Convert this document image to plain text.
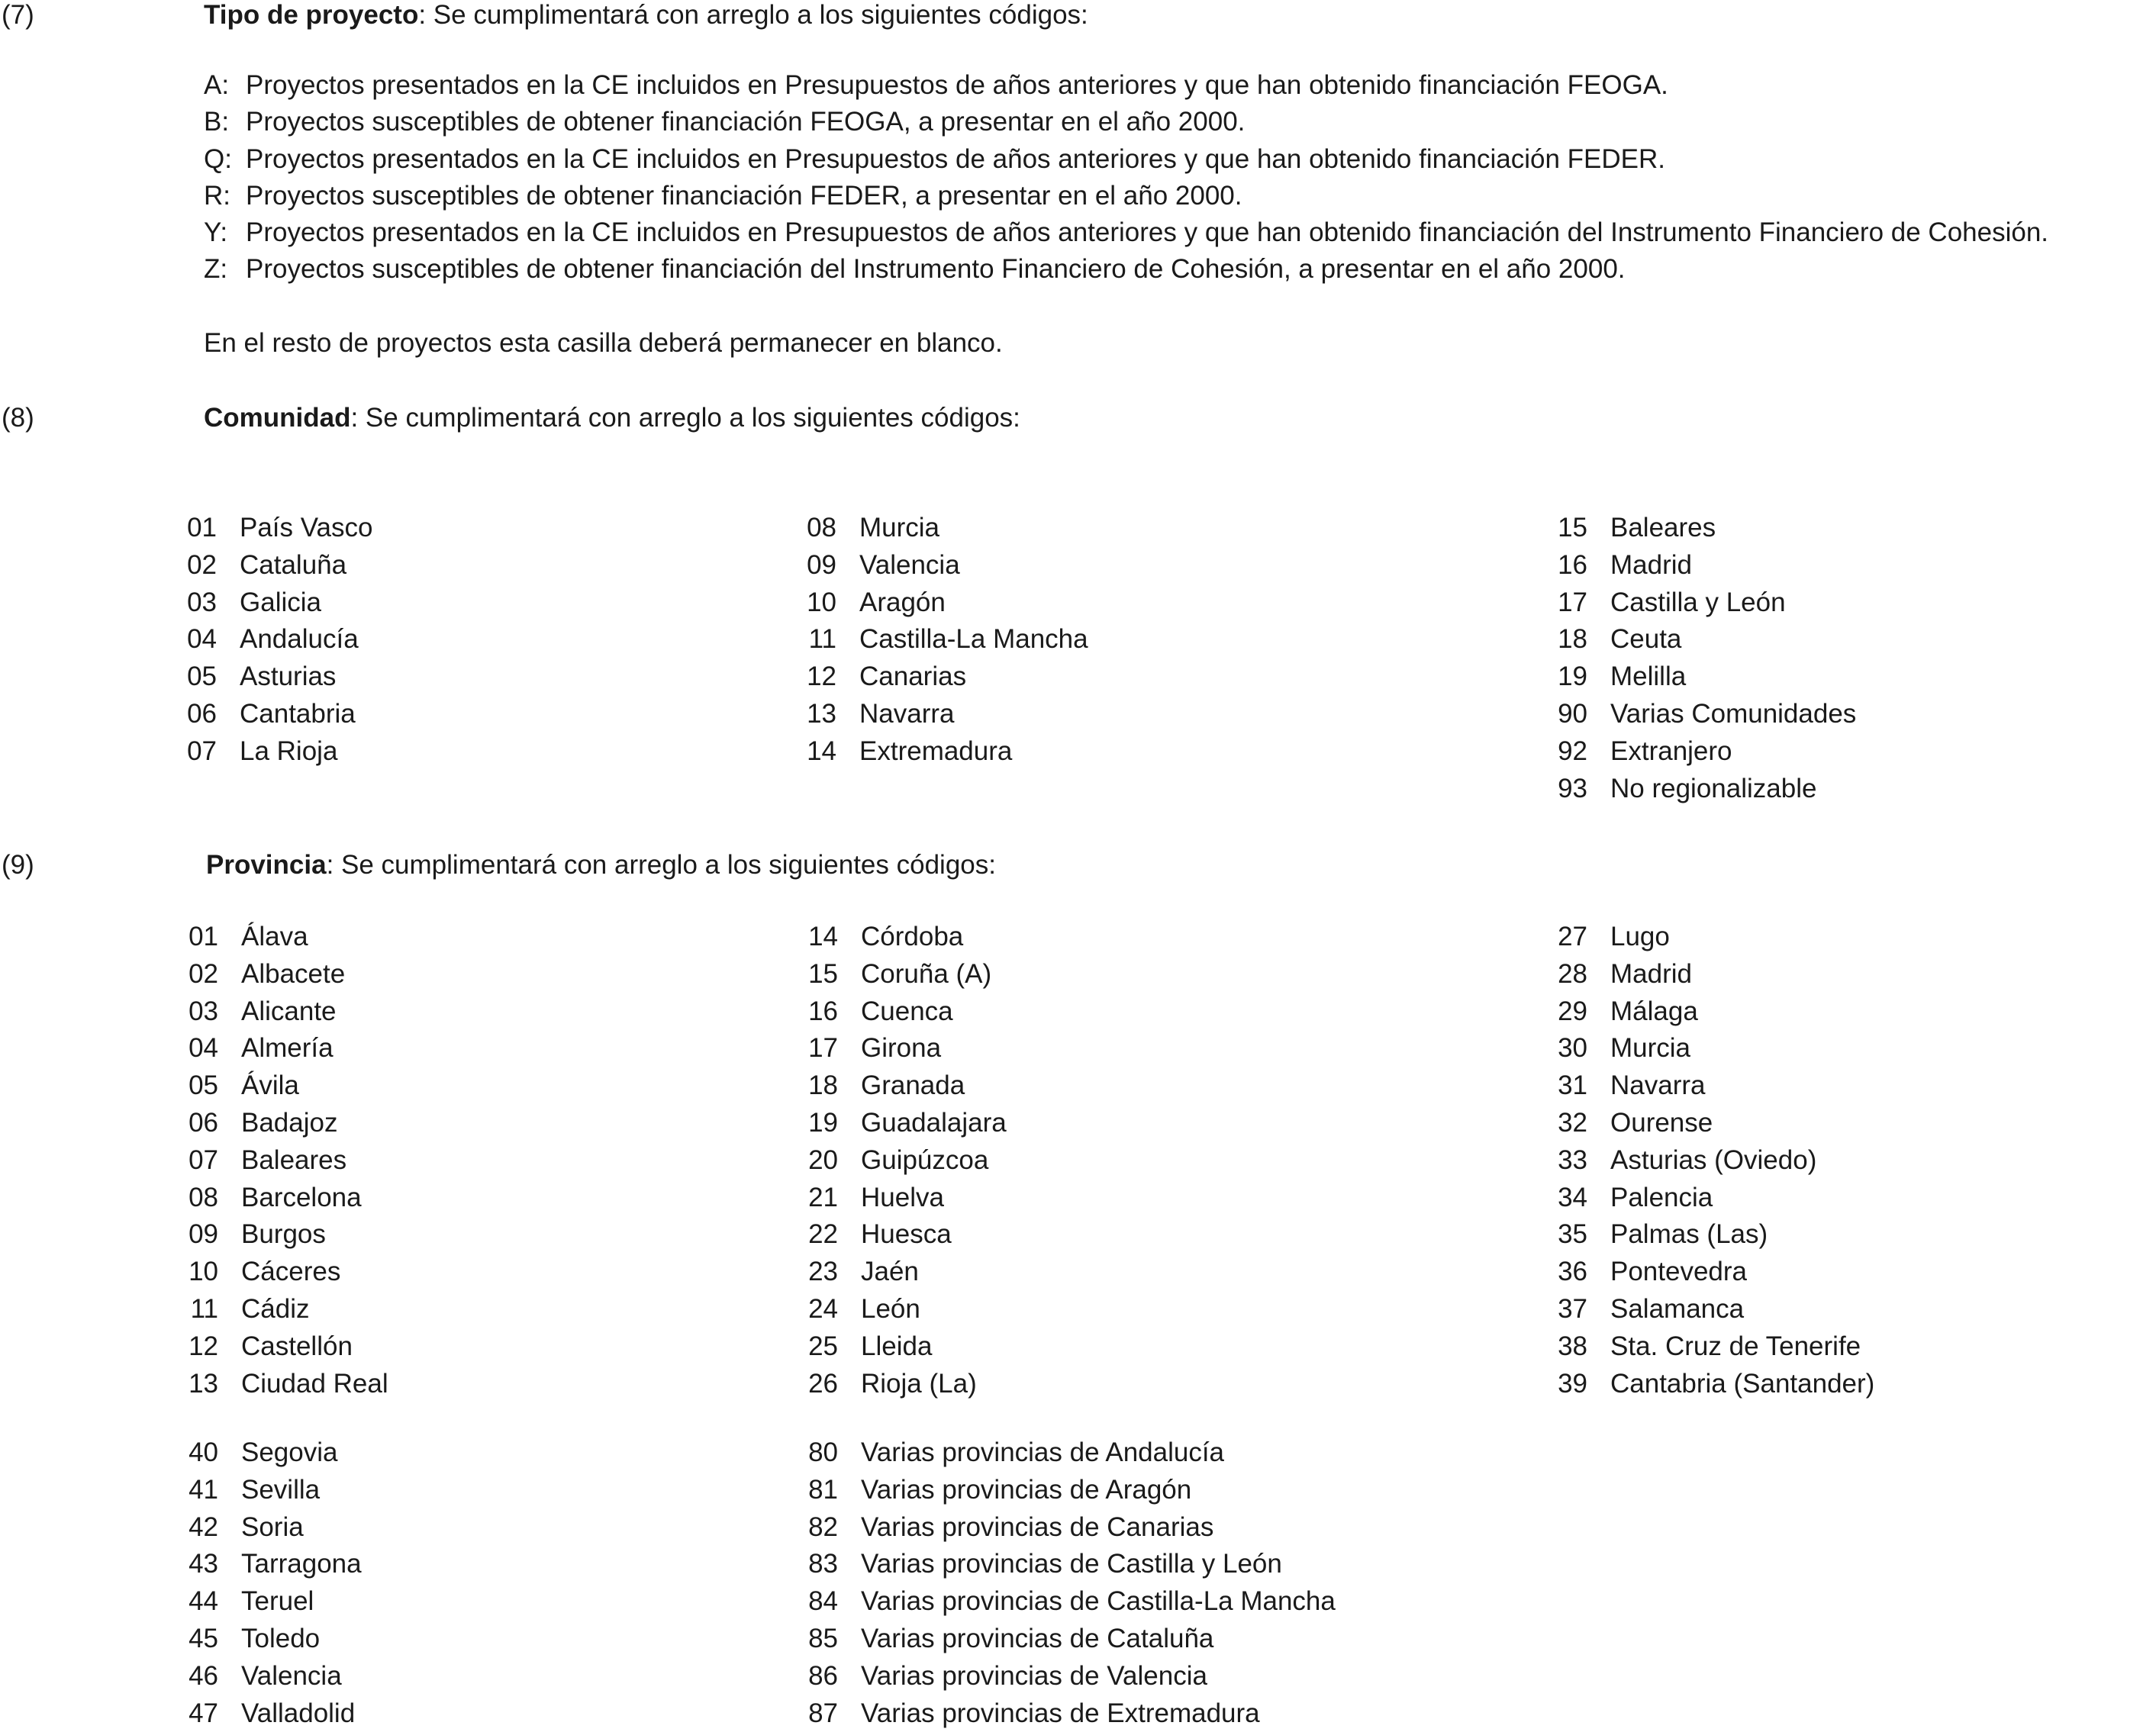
(7)	Tipo de proyecto: Se cumplimentará con arreglo a los siguientes códigos:
A: Proyectos presentados en la CE incluidos en Presupuestos de años anteriores y que han obtenido financiación FEOGA.
B: Proyectos susceptibles de obtener financiación FEOGA, a presentar en el año 2000.
Q: Proyectos presentados en la CE incluidos en Presupuestos de años anteriores y que han obtenido financiación FEDER.
R: Proyectos susceptibles de obtener financiación FEDER, a presentar en el año 2000.
Y: Proyectos presentados en la CE incluidos en Presupuestos de años anteriores y que han obtenido financiación del Instrumento Financiero de Cohesión.
Z: Proyectos susceptibles de obtener financiación del Instrumento Financiero de Cohesión, a presentar en el año 2000.
En el resto de proyectos esta casilla deberá permanecer en blanco.
(8)	Comunidad: Se cumplimentará con arreglo a los siguientes códigos:
01 País Vasco
02 Cataluña
03 Galicia
04 Andalucía
05 Asturias
06 Cantabria
07 La Rioja
08 Murcia
09 Valencia
10 Aragón
11 Castilla-La Mancha
12 Canarias
13 Navarra
14 Extremadura
15 Baleares
16 Madrid
17 Castilla y León
18 Ceuta
19 Melilla
90 Varias Comunidades
92 Extranjero
93 No regionalizable
(9)	Provincia: Se cumplimentará con arreglo a los siguientes códigos:
01 Álava
02 Albacete
03 Alicante
04 Almería
05 Ávila
06 Badajoz
07 Baleares
08 Barcelona
09 Burgos
10 Cáceres
11 Cádiz
12 Castellón
13 Ciudad Real
14 Córdoba
15 Coruña (A)
16 Cuenca
17 Girona
18 Granada
19 Guadalajara
20 Guipúzcoa
21 Huelva
22 Huesca
23 Jaén
24 León
25 Lleida
26 Rioja (La)
27 Lugo
28 Madrid
29 Málaga
30 Murcia
31 Navarra
32 Ourense
33 Asturias (Oviedo)
34 Palencia
35 Palmas (Las)
36 Pontevedra
37 Salamanca
38 Sta. Cruz de Tenerife
39 Cantabria (Santander)
40 Segovia
41 Sevilla
42 Soria
43 Tarragona
44 Teruel
45 Toledo
46 Valencia
47 Valladolid
80 Varias provincias de Andalucía
81 Varias provincias de Aragón
82 Varias provincias de Canarias
83 Varias provincias de Castilla y León
84 Varias provincias de Castilla-La Mancha
85 Varias provincias de Cataluña
86 Varias provincias de Valencia
87 Varias provincias de Extremadura
